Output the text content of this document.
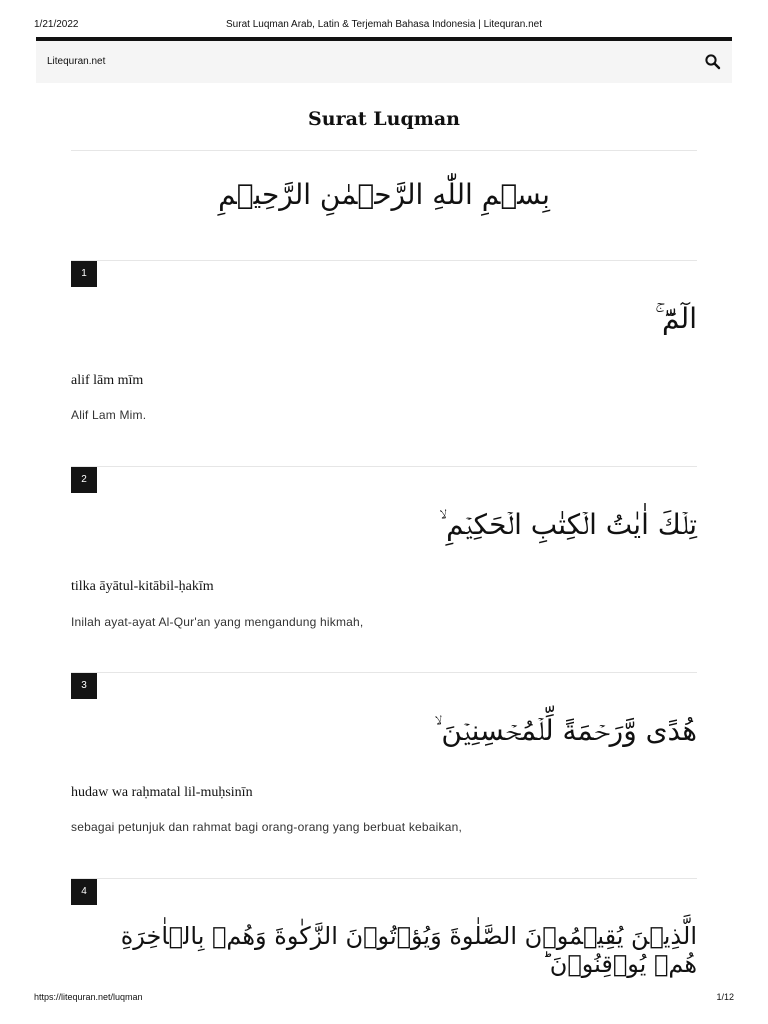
1/21/2022	Surat Luqman Arab, Latin & Terjemah Bahasa Indonesia | Litequran.net
Litequran.net
Surat Luqman
بِسۡمِ اللّٰهِ الرَّحۡمٰنِ الرَّحِيۡمِ
1
الٓمّٓ ۚ
alif lām mīm
Alif Lam Mim.
2
تِلۡكَ اٰيٰتُ الۡكِتٰبِ الۡحَكِيۡمِ ۙ
tilka āyātul-kitābil-ḥakīm
Inilah ayat-ayat Al-Qur'an yang mengandung hikmah,
3
هُدًى وَّرَحۡمَةً لِّلۡمُحۡسِنِيۡنَ ۙ
hudaw wa raḥmatal lil-muḥsinīn
sebagai petunjuk dan rahmat bagi orang-orang yang berbuat kebaikan,
4
الَّذِيۡنَ يُقِيۡمُوۡنَ الصَّلٰوةَ وَيُؤۡتُوۡنَ الزَّكٰوةَ وَهُمۡ بِالۡاٰخِرَةِ هُمۡ يُوۡقِنُوۡنَ ؕ
https://litequran.net/luqman	1/12
